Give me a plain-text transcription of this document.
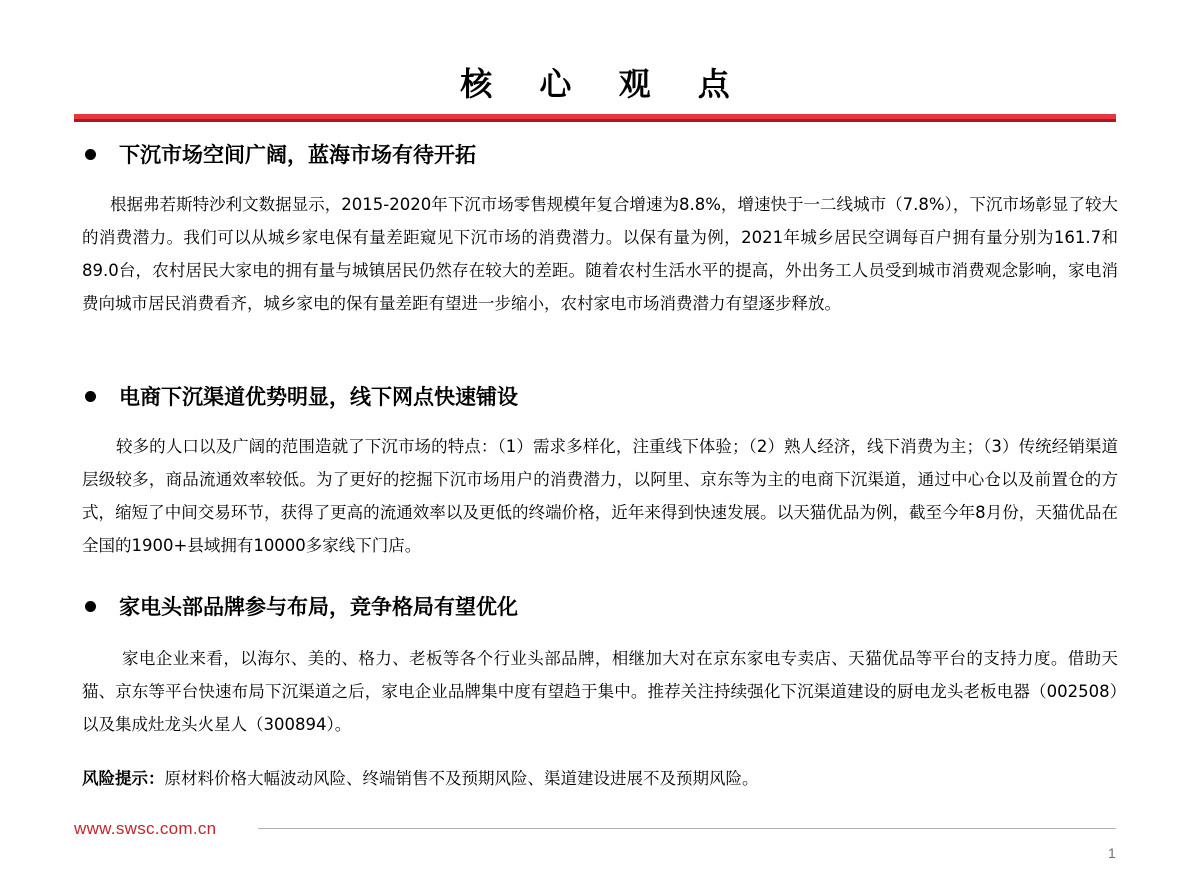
核 心 观 点
下沉市场空间广阔，蓝海市场有待开拓
根据弗若斯特沙利文数据显示，2015-2020年下沉市场零售规模年复合增速为8.8%，增速快于一二线城市（7.8%），下沉市场彰显了较大的消费潜力。我们可以从城乡家电保有量差距窥见下沉市场的消费潜力。以保有量为例，2021年城乡居民空调每百户拥有量分别为161.7和89.0台，农村居民大家电的拥有量与城镇居民仍然存在较大的差距。随着农村生活水平的提高，外出务工人员受到城市消费观念影响，家电消费向城市居民消费看齐，城乡家电的保有量差距有望进一步缩小，农村家电市场消费潜力有望逐步释放。
电商下沉渠道优势明显，线下网点快速铺设
较多的人口以及广阔的范围造就了下沉市场的特点：（1）需求多样化，注重线下体验；（2）熟人经济，线下消费为主；（3）传统经销渠道层级较多，商品流通效率较低。为了更好的挖掘下沉市场用户的消费潜力，以阿里、京东等为主的电商下沉渠道，通过中心仓以及前置仓的方式，缩短了中间交易环节，获得了更高的流通效率以及更低的终端价格，近年来得到快速发展。以天猫优品为例，截至今年8月份，天猫优品在全国的1900+县域拥有10000多家线下门店。
家电头部品牌参与布局，竞争格局有望优化
家电企业来看，以海尔、美的、格力、老板等各个行业头部品牌，相继加大对在京东家电专卖店、天猫优品等平台的支持力度。借助天猫、京东等平台快速布局下沉渠道之后，家电企业品牌集中度有望趋于集中。推荐关注持续强化下沉渠道建设的厨电龙头老板电器（002508）以及集成灶龙头火星人（300894）。
风险提示：原材料价格大幅波动风险、终端销售不及预期风险、渠道建设进展不及预期风险。
www.swsc.com.cn
1
